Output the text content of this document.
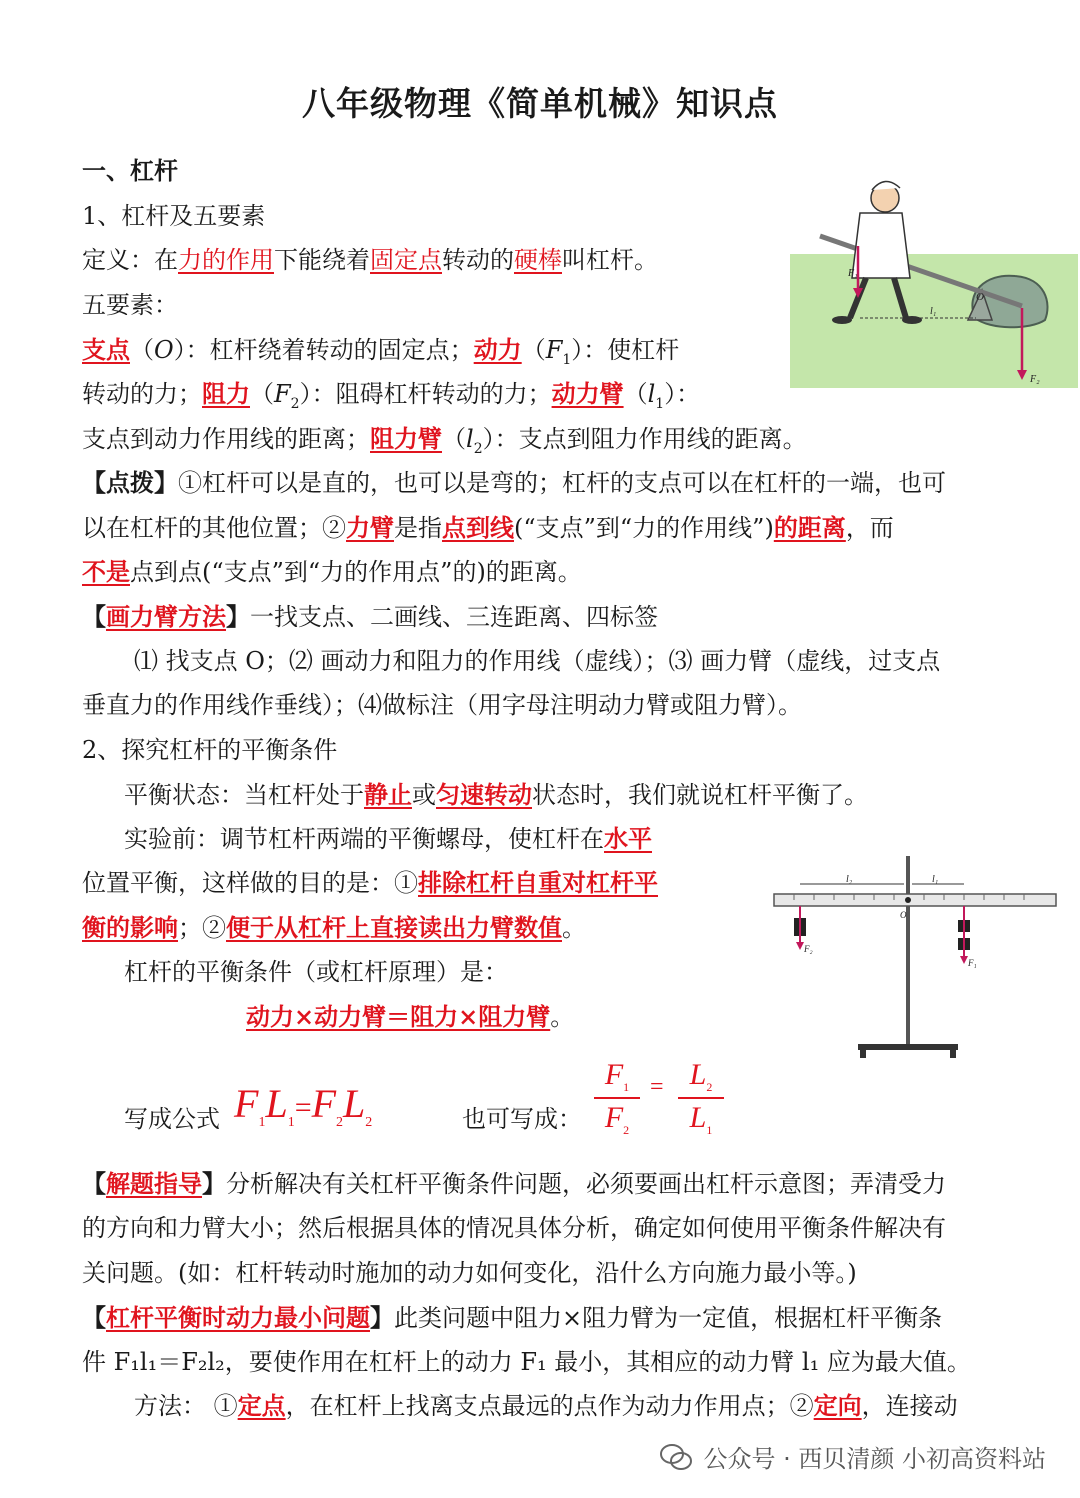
八年级物理《简单机械》知识点
一、杠杆
1、杠杆及五要素
定义：在力的作用下能绕着固定点转动的硬棒叫杠杆。
五要素：
支点（O）：杠杆绕着转动的固定点；动力$(F_1)$：使杠杆
转动的力；阻力$(F_2)$：阻碍杠杆转动的力；动力臂$(l_1)$：
支点到动力作用线的距离；阻力臂$(l_2)$：支点到阻力作用线的距离。
【点拨】①杠杆可以是直的，也可以是弯的；杠杆的支点可以在杠杆的一端，也可
以在杠杆的其他位置；②力臂是指点到线(“支点”到“力的作用线”)的距离，而
不是点到点(“支点”到“力的作用点”的)的距离。
【画力臂方法】一找支点、二画线、三连距离、四标签
⑴ 找支点 O；⑵ 画动力和阻力的作用线（虚线）；⑶ 画力臂（虚线，过支点
垂直力的作用线作垂线）；⑷做标注（用字母注明动力臂或阻力臂）。
2、探究杠杆的平衡条件
平衡状态：当杠杆处于静止或匀速转动状态时，我们就说杠杆平衡了。
实验前：调节杠杆两端的平衡螺母，使杠杆在水平
位置平衡，这样做的目的是：①排除杠杆自重对杠杆平
衡的影响；②便于从杠杆上直接读出力臂数值。
杠杆的平衡条件（或杠杆原理）是：
动力×动力臂＝阻力×阻力臂。
写成公式 $F_1L_1=F_2L_2$	也可写成：
$F_1$
$F_2$
= $L_2$
$L_1$
【解题指导】分析解决有关杠杆平衡条件问题，必须要画出杠杆示意图；弄清受力
的方向和力臂大小；然后根据具体的情况具体分析，确定如何使用平衡条件解决有
关问题。(如：杠杆转动时施加的动力如何变化，沿什么方向施力最小等。)
【杠杆平衡时动力最小问题】此类问题中阻力×阻力臂为一定值，根据杠杆平衡条
件 F₁l₁＝F₂l₂，要使作用在杠杆上的动力 F₁ 最小，其相应的动力臂 l₁ 应为最大值。
方法： ①定点，在杠杆上找离支点最远的点作为动力作用点；②定向，连接动
F₁
l₁
O
F₂
O
l₂	l₁
F₂
F₁
公众号 · 西贝清颜 小初高资料站
